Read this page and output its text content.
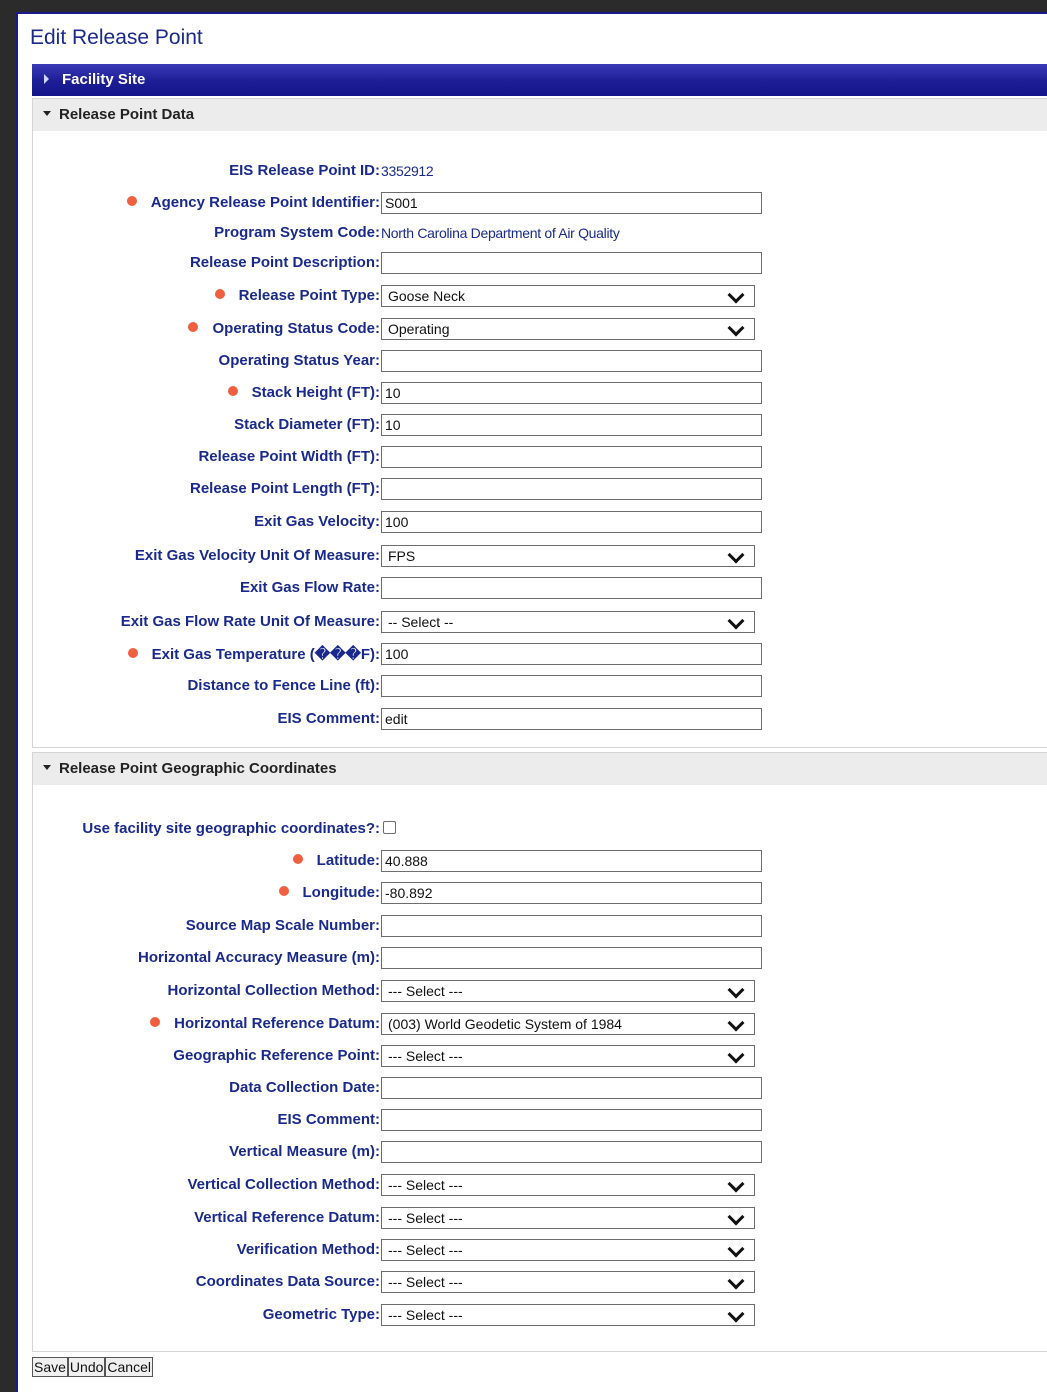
Edit Release Point
Facility Site
Release Point Data
EIS Release Point ID: 3352912
Agency Release Point Identifier:
S001
Program System Code: North Carolina Department of Air Quality
Release Point Description:
Release Point Type: Goose Neck
Operating Status Code: Operating
Operating Status Year:
Stack Height (FT):
10
Stack Diameter (FT):
10
Release Point Width (FT):
Release Point Length (FT):
Exit Gas Velocity:
100
Exit Gas Velocity Unit Of Measure: FPS
Exit Gas Flow Rate:
Exit Gas Flow Rate Unit Of Measure: -- Select --
Exit Gas Temperature (���F):
100
Distance to Fence Line (ft):
EIS Comment:
edit
Release Point Geographic Coordinates
Use facility site geographic coordinates?:
Latitude:
40.888
Longitude:
-80.892
Source Map Scale Number:
Horizontal Accuracy Measure (m):
Horizontal Collection Method: --- Select ---
Horizontal Reference Datum: (003) World Geodetic System of 1984
Geographic Reference Point: --- Select ---
Data Collection Date:
EIS Comment:
Vertical Measure (m):
Vertical Collection Method: --- Select ---
Vertical Reference Datum: --- Select ---
Verification Method: --- Select ---
Coordinates Data Source: --- Select ---
Geometric Type: --- Select ---
Save Undo Cancel
